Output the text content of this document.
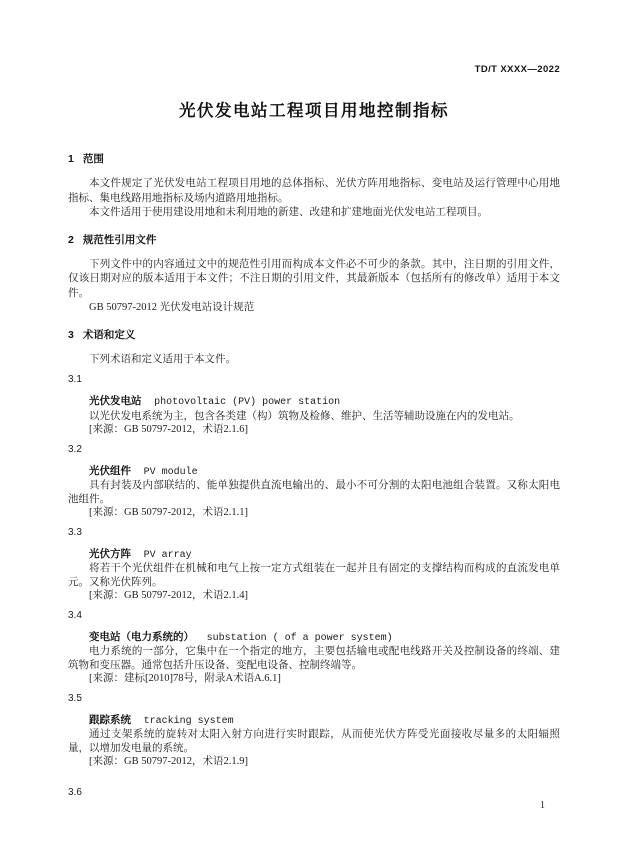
TD/T XXXX—2022
光伏发电站工程项目用地控制指标
1 范围

本文件规定了光伏发电站工程项目用地的总体指标、光伏方阵用地指标、变电站及运行管理中心用地指标、集电线路用地指标及场内道路用地指标。

本文件适用于使用建设用地和未利用地的新建、改建和扩建地面光伏发电站工程项目。

2 规范性引用文件

下列文件中的内容通过文中的规范性引用而构成本文件必不可少的条款。其中，注日期的引用文件，仅该日期对应的版本适用于本文件；不注日期的引用文件，其最新版本（包括所有的修改单）适用于本文件。

GB 50797-2012 光伏发电站设计规范

3 术语和定义

下列术语和定义适用于本文件。

3.1
光伏发电站 photovoltaic (PV) power station

以光伏发电系统为主，包含各类建（构）筑物及检修、维护、生活等辅助设施在内的发电站。

[来源：GB 50797-2012，术语2.1.6]

3.2
光伏组件 PV module

具有封装及内部联结的、能单独提供直流电输出的、最小不可分割的太阳电池组合装置。又称太阳电池组件。

[来源：GB 50797-2012，术语2.1.1]

3.3
光伏方阵 PV array

将若干个光伏组件在机械和电气上按一定方式组装在一起并且有固定的支撑结构而构成的直流发电单元。又称光伏阵列。

[来源：GB 50797-2012，术语2.1.4]

3.4
变电站（电力系统的） substation ( of a power system)

电力系统的一部分，它集中在一个指定的地方，主要包括输电或配电线路开关及控制设备的终端、建筑物和变压器。通常包括升压设备、变配电设备、控制终端等。

[来源：建标[2010]78号，附录A术语A.6.1]

3.5
跟踪系统 tracking system

通过支架系统的旋转对太阳入射方向进行实时跟踪，从而使光伏方阵受光面接收尽量多的太阳辐照量，以增加发电量的系统。

[来源：GB 50797-2012，术语2.1.9]

3.6
1
